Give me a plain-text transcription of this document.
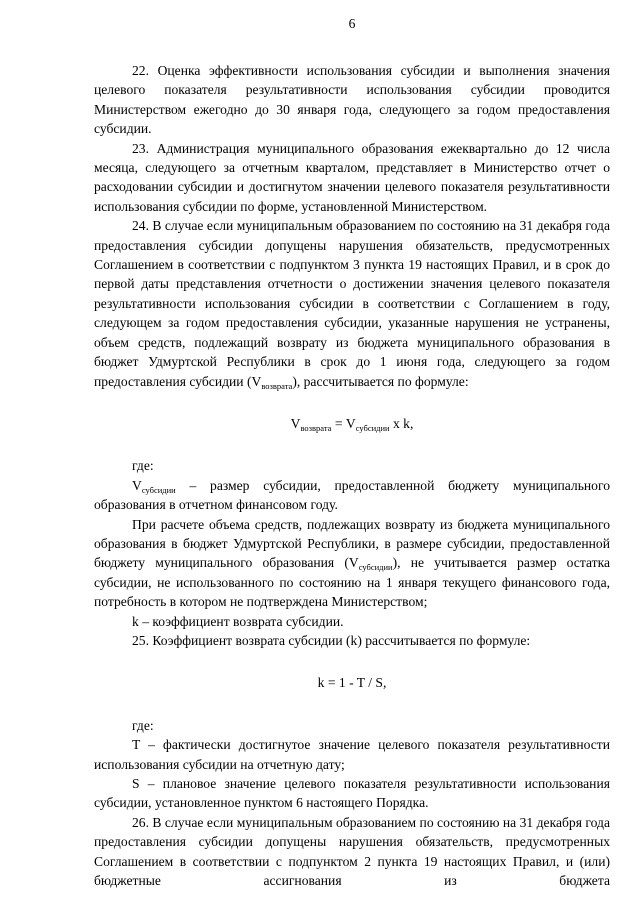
6

22. Оценка эффективности использования субсидии и выполнения значения целевого показателя результативности использования субсидии проводится Министерством ежегодно до 30 января года, следующего за годом предоставления субсидии.

23. Администрация муниципального образования ежеквартально до 12 числа месяца, следующего за отчетным кварталом, представляет в Министерство отчет о расходовании субсидии и достигнутом значении целевого показателя результативности использования субсидии по форме, установленной Министерством.

24. В случае если муниципальным образованием по состоянию на 31 декабря года предоставления субсидии допущены нарушения обязательств, предусмотренных Соглашением в соответствии с подпунктом 3 пункта 19 настоящих Правил, и в срок до первой даты представления отчетности о достижении значения целевого показателя результативности использования субсидии в соответствии с Соглашением в году, следующем за годом предоставления субсидии, указанные нарушения не устранены, объем средств, подлежащий возврату из бюджета муниципального образования в бюджет Удмуртской Республики в срок до 1 июня года, следующего за годом предоставления субсидии $(V_{возврата})$, рассчитывается по формуле:

$V_{возврата} = V_{субсидии}$ x k,

где:

$V_{субсидии}$ – размер субсидии, предоставленной бюджету муниципального образования в отчетном финансовом году.

При расчете объема средств, подлежащих возврату из бюджета муниципального образования в бюджет Удмуртской Республики, в размере субсидии, предоставленной бюджету муниципального образования $(V_{субсидии})$, не учитывается размер остатка субсидии, не использованного по состоянию на 1 января текущего финансового года, потребность в котором не подтверждена Министерством;

k – коэффициент возврата субсидии.

25. Коэффициент возврата субсидии (k) рассчитывается по формуле:

k = 1 - T / S,

где:

T – фактически достигнутое значение целевого показателя результативности использования субсидии на отчетную дату;

S – плановое значение целевого показателя результативности использования субсидии, установленное пунктом 6 настоящего Порядка.

26. В случае если муниципальным образованием по состоянию на 31 декабря года предоставления субсидии допущены нарушения обязательств, предусмотренных Соглашением в соответствии с подпунктом 2 пункта 19 настоящих Правил, и (или) бюджетные ассигнования из бюджета
